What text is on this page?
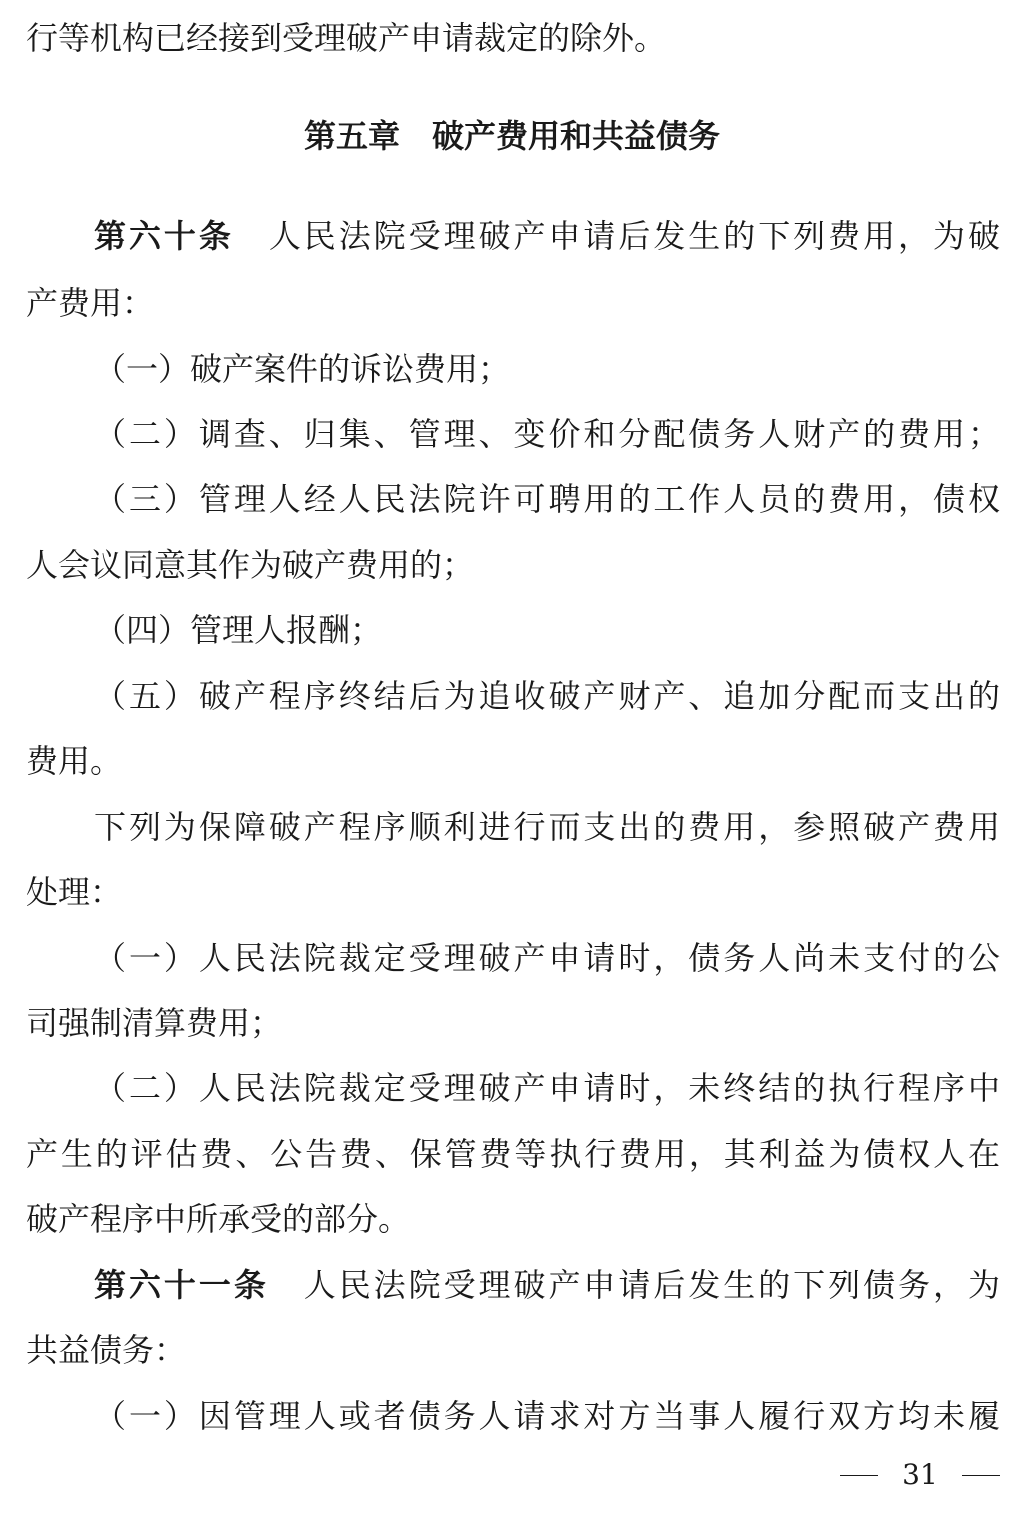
行等机构已经接到受理破产申请裁定的除外。
第五章　破产费用和共益债务
第六十条　 人民法院受理破产申请后发生的下列费用，为破
产费用：
（一）破产案件的诉讼费用；
（二）调查、归集、管理、变价和分配债务人财产的费用；
（三）管理人经人民法院许可聘用的工作人员的费用，债权
人会议同意其作为破产费用的；
（四）管理人报酬；
（五）破产程序终结后为追收破产财产、追加分配而支出的
费用。
下列为保障破产程序顺利进行而支出的费用，参照破产费用
处理：
（一）人民法院裁定受理破产申请时，债务人尚未支付的公
司强制清算费用；
（二）人民法院裁定受理破产申请时，未终结的执行程序中
产生的评估费、公告费、保管费等执行费用，其利益为债权人在
破产程序中所承受的部分。
第六十一条　 人民法院受理破产申请后发生的下列债务，为
共益债务：
（一）因管理人或者债务人请求对方当事人履行双方均未履
31
